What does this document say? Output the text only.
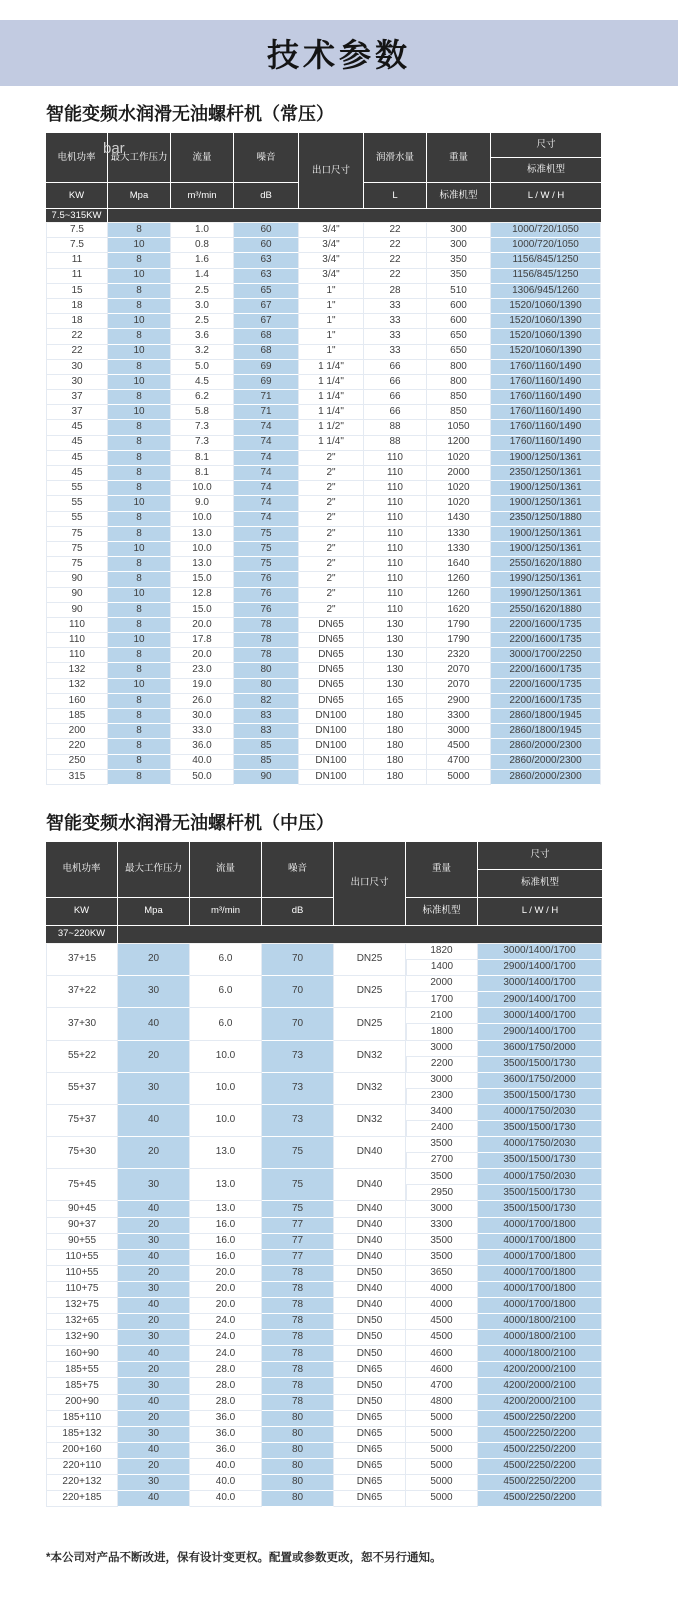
技术参数
智能变频水润滑无油螺杆机（常压）
bar
电机功率	最大工作压力	流量	噪音	出口尺寸	润滑水量	重量	尺寸
							标准机型
KW	Mpa	m³/min	dB		L	标准机型	L / W / H
7.5~315KW							
7.5	8	1.0	60	3/4"	22	300	1000/720/1050
7.5	10	0.8	60	3/4"	22	300	1000/720/1050
11	8	1.6	63	3/4"	22	350	1156/845/1250
11	10	1.4	63	3/4"	22	350	1156/845/1250
15	8	2.5	65	1"	28	510	1306/945/1260
18	8	3.0	67	1"	33	600	1520/1060/1390
18	10	2.5	67	1"	33	600	1520/1060/1390
22	8	3.6	68	1"	33	650	1520/1060/1390
22	10	3.2	68	1"	33	650	1520/1060/1390
30	8	5.0	69	1 1/4"	66	800	1760/1160/1490
30	10	4.5	69	1 1/4"	66	800	1760/1160/1490
37	8	6.2	71	1 1/4"	66	850	1760/1160/1490
37	10	5.8	71	1 1/4"	66	850	1760/1160/1490
45	8	7.3	74	1 1/2"	88	1050	1760/1160/1490
45	8	7.3	74	1 1/4"	88	1200	1760/1160/1490
45	8	8.1	74	2"	110	1020	1900/1250/1361
45	8	8.1	74	2"	110	2000	2350/1250/1361
55	8	10.0	74	2"	110	1020	1900/1250/1361
55	10	9.0	74	2"	110	1020	1900/1250/1361
55	8	10.0	74	2"	110	1430	2350/1250/1880
75	8	13.0	75	2"	110	1330	1900/1250/1361
75	10	10.0	75	2"	110	1330	1900/1250/1361
75	8	13.0	75	2"	110	1640	2550/1620/1880
90	8	15.0	76	2"	110	1260	1990/1250/1361
90	10	12.8	76	2"	110	1260	1990/1250/1361
90	8	15.0	76	2"	110	1620	2550/1620/1880
110	8	20.0	78	DN65	130	1790	2200/1600/1735
110	10	17.8	78	DN65	130	1790	2200/1600/1735
110	8	20.0	78	DN65	130	2320	3000/1700/2250
132	8	23.0	80	DN65	130	2070	2200/1600/1735
132	10	19.0	80	DN65	130	2070	2200/1600/1735
160	8	26.0	82	DN65	165	2900	2200/1600/1735
185	8	30.0	83	DN100	180	3300	2860/1800/1945
200	8	33.0	83	DN100	180	3000	2860/1800/1945
220	8	36.0	85	DN100	180	4500	2860/2000/2300
250	8	40.0	85	DN100	180	4700	2860/2000/2300
315	8	50.0	90	DN100	180	5000	2860/2000/2300
智能变频水润滑无油螺杆机（中压）
电机功率	最大工作压力	流量	噪音	出口尺寸	重量	尺寸
						标准机型
KW	Mpa	m³/min	dB		标准机型	L / W / H
37~220KW						
37+15	20	6.0	70	DN25	1820	3000/1400/1700
					1400	2900/1400/1700
37+22	30	6.0	70	DN25	2000	3000/1400/1700
					1700	2900/1400/1700
37+30	40	6.0	70	DN25	2100	3000/1400/1700
					1800	2900/1400/1700
55+22	20	10.0	73	DN32	3000	3600/1750/2000
					2200	3500/1500/1730
55+37	30	10.0	73	DN32	3000	3600/1750/2000
					2300	3500/1500/1730
75+37	40	10.0	73	DN32	3400	4000/1750/2030
					2400	3500/1500/1730
75+30	20	13.0	75	DN40	3500	4000/1750/2030
					2700	3500/1500/1730
75+45	30	13.0	75	DN40	3500	4000/1750/2030
					2950	3500/1500/1730
90+45	40	13.0	75	DN40	3000	3500/1500/1730
90+37	20	16.0	77	DN40	3300	4000/1700/1800
90+55	30	16.0	77	DN40	3500	4000/1700/1800
110+55	40	16.0	77	DN40	3500	4000/1700/1800
110+55	20	20.0	78	DN50	3650	4000/1700/1800
110+75	30	20.0	78	DN40	4000	4000/1700/1800
132+75	40	20.0	78	DN40	4000	4000/1700/1800
132+65	20	24.0	78	DN50	4500	4000/1800/2100
132+90	30	24.0	78	DN50	4500	4000/1800/2100
160+90	40	24.0	78	DN50	4600	4000/1800/2100
185+55	20	28.0	78	DN65	4600	4200/2000/2100
185+75	30	28.0	78	DN50	4700	4200/2000/2100
200+90	40	28.0	78	DN50	4800	4200/2000/2100
185+110	20	36.0	80	DN65	5000	4500/2250/2200
185+132	30	36.0	80	DN65	5000	4500/2250/2200
200+160	40	36.0	80	DN65	5000	4500/2250/2200
220+110	20	40.0	80	DN65	5000	4500/2250/2200
220+132	30	40.0	80	DN65	5000	4500/2250/2200
220+185	40	40.0	80	DN65	5000	4500/2250/2200
*本公司对产品不断改进，保有设计变更权。配置或参数更改，恕不另行通知。
